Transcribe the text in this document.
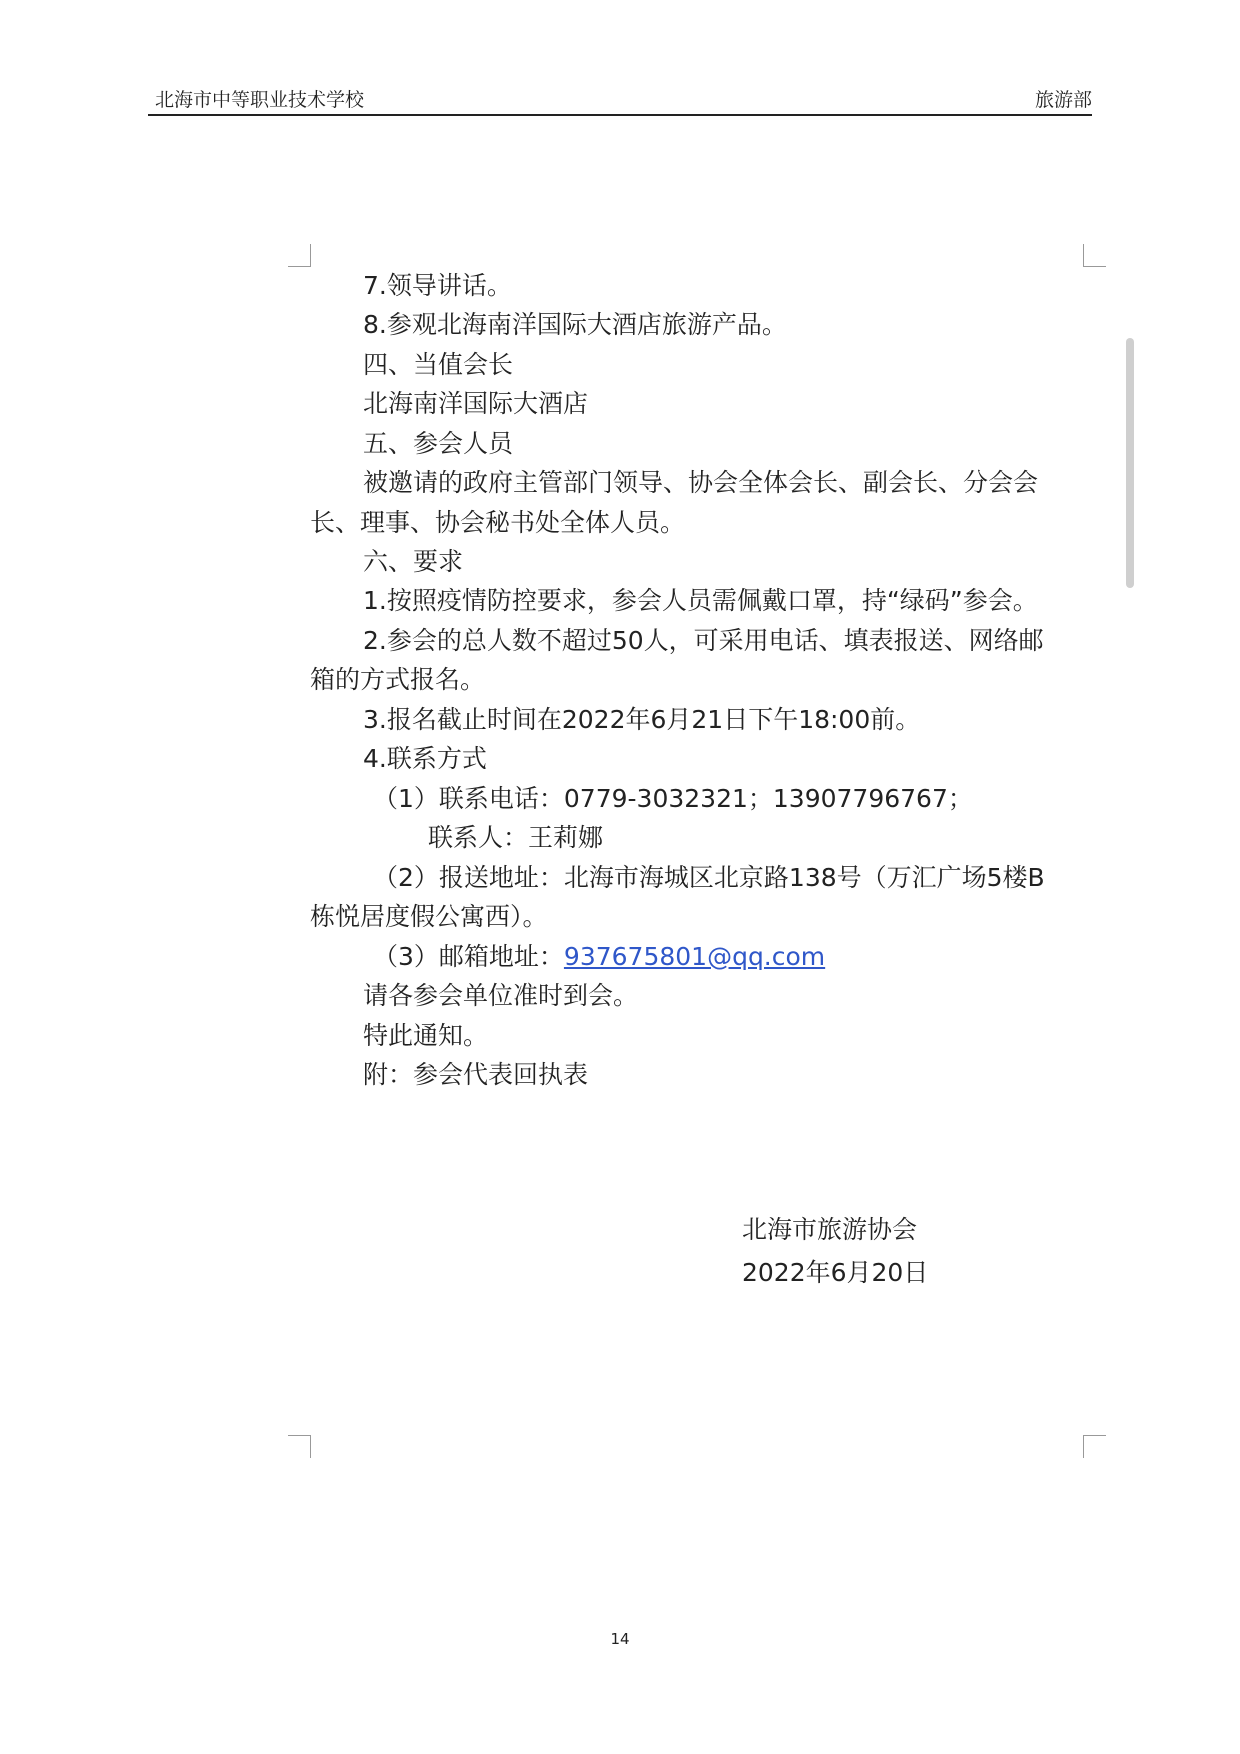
北海市中等职业技术学校	旅游部
7.领导讲话。
8.参观北海南洋国际大酒店旅游产品。
四、当值会长
北海南洋国际大酒店
五、参会人员
被邀请的政府主管部门领导、协会全体会长、副会长、分会会
长、理事、协会秘书处全体人员。
六、要求
1.按照疫情防控要求，参会人员需佩戴口罩，持“绿码”参会。
2.参会的总人数不超过50人，可采用电话、填表报送、网络邮
箱的方式报名。
3.报名截止时间在2022年6月21日下午18:00前。
4.联系方式
（1）联系电话：0779-3032321；13907796767；
联系人：王莉娜
（2）报送地址：北海市海城区北京路138号（万汇广场5楼B
栋悦居度假公寓西）。
（3）邮箱地址：937675801@qq.com
请各参会单位准时到会。
特此通知。
附：参会代表回执表
北海市旅游协会
2022年6月20日
14
